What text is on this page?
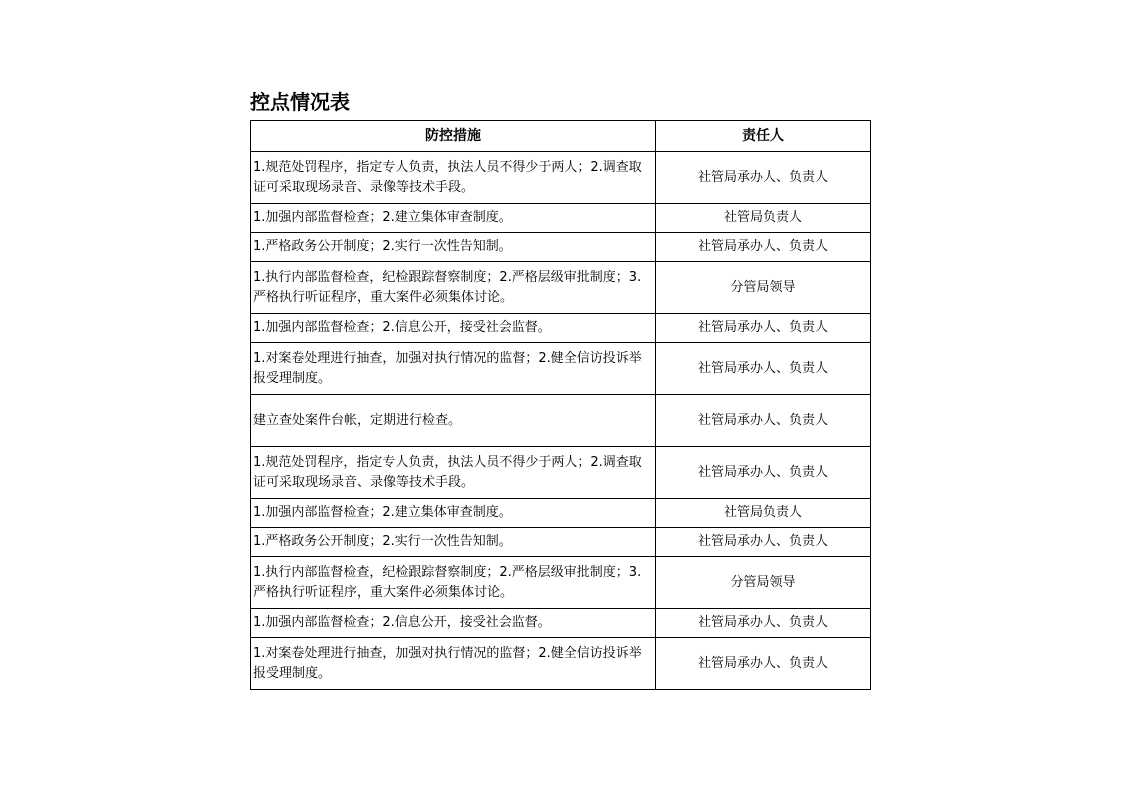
控点情况表
防控措施	责任人
1.规范处罚程序，指定专人负责，执法人员不得少于两人；2.调查取证可采取现场录音、录像等技术手段。	社管局承办人、负责人
1.加强内部监督检查；2.建立集体审查制度。	社管局负责人
1.严格政务公开制度；2.实行一次性告知制。	社管局承办人、负责人
1.执行内部监督检查，纪检跟踪督察制度；2.严格层级审批制度；3.严格执行听证程序，重大案件必须集体讨论。	分管局领导
1.加强内部监督检查；2.信息公开，接受社会监督。	社管局承办人、负责人
1.对案卷处理进行抽查，加强对执行情况的监督；2.健全信访投诉举报受理制度。	社管局承办人、负责人
建立查处案件台帐，定期进行检查。	社管局承办人、负责人
1.规范处罚程序，指定专人负责，执法人员不得少于两人；2.调查取证可采取现场录音、录像等技术手段。	社管局承办人、负责人
1.加强内部监督检查；2.建立集体审查制度。	社管局负责人
1.严格政务公开制度；2.实行一次性告知制。	社管局承办人、负责人
1.执行内部监督检查，纪检跟踪督察制度；2.严格层级审批制度；3.严格执行听证程序，重大案件必须集体讨论。	分管局领导
1.加强内部监督检查；2.信息公开，接受社会监督。	社管局承办人、负责人
1.对案卷处理进行抽查，加强对执行情况的监督；2.健全信访投诉举报受理制度。	社管局承办人、负责人
